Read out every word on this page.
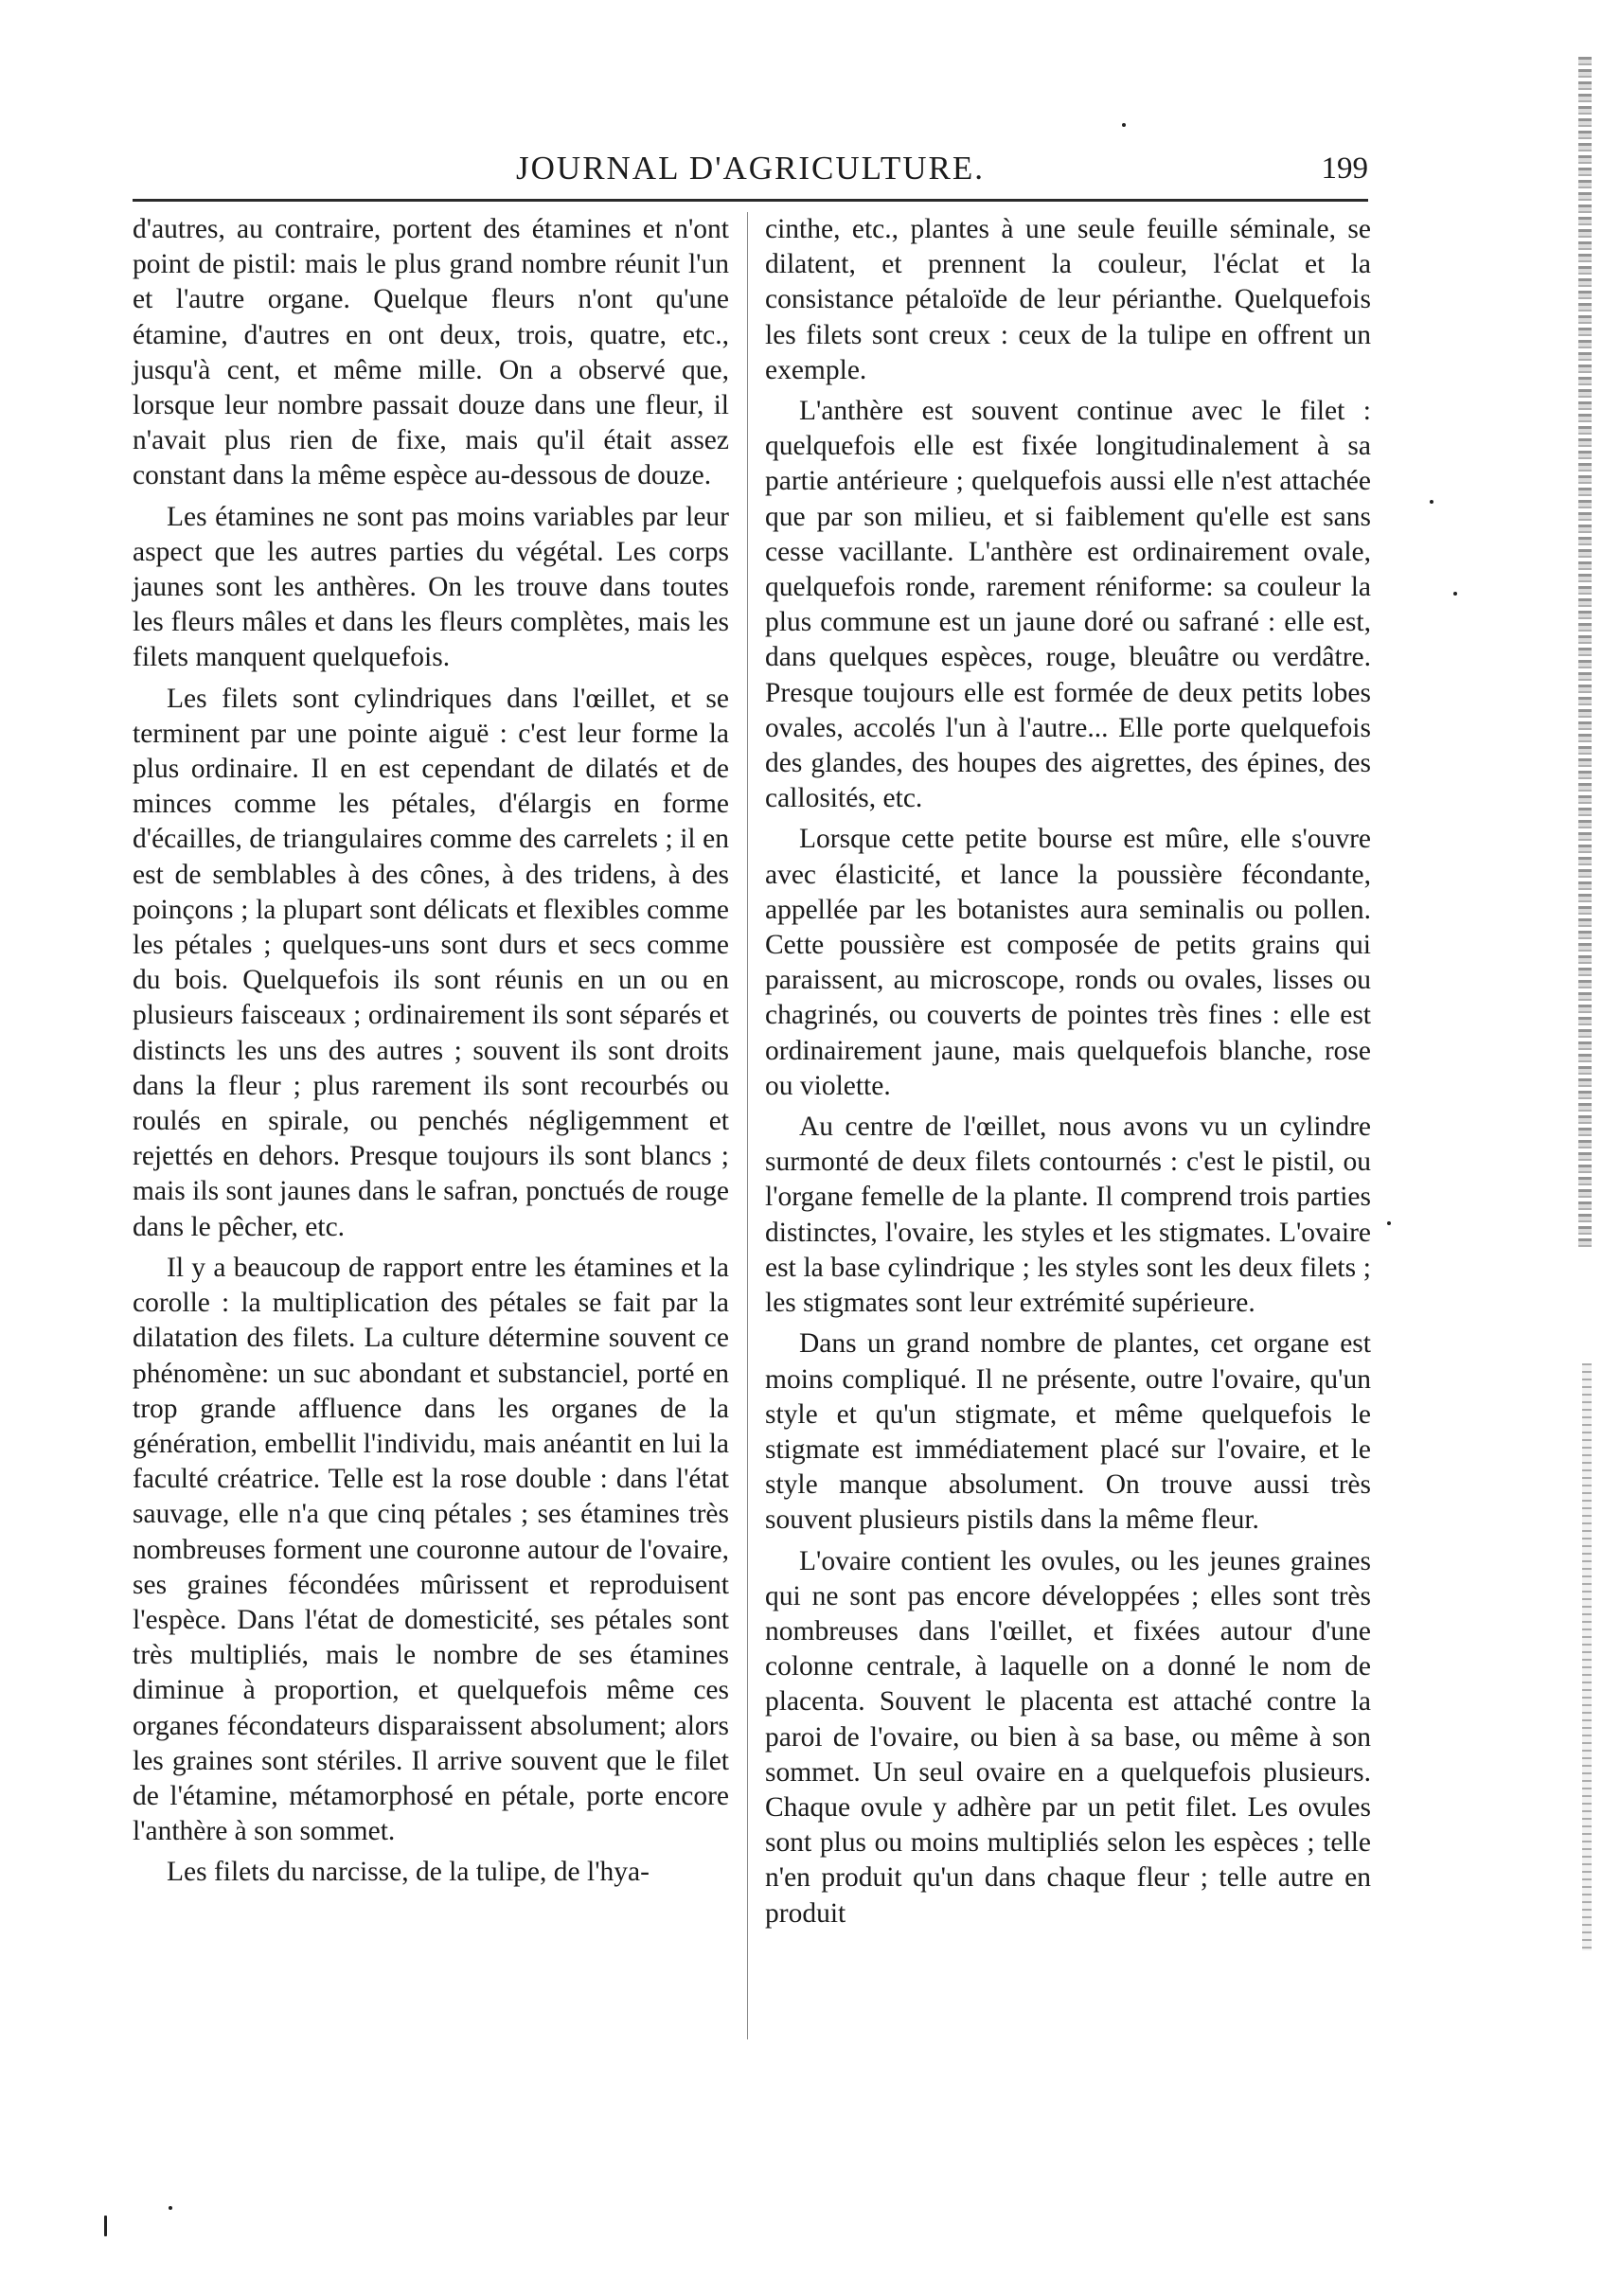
JOURNAL D'AGRICULTURE.	199

d'autres, au contraire, portent des étamines et n'ont point de pistil: mais le plus grand nombre réunit l'un et l'autre organe. Quelque fleurs n'ont qu'une étamine, d'autres en ont deux, trois, quatre, etc., jusqu'à cent, et même mille. On a observé que, lorsque leur nombre passait douze dans une fleur, il n'avait plus rien de fixe, mais qu'il était assez constant dans la même espèce au-dessous de douze.

Les étamines ne sont pas moins variables par leur aspect que les autres parties du végétal. Les corps jaunes sont les anthères. On les trouve dans toutes les fleurs mâles et dans les fleurs complètes, mais les filets manquent quelquefois.

Les filets sont cylindriques dans l'œillet, et se terminent par une pointe aiguë : c'est leur forme la plus ordinaire. Il en est cependant de dilatés et de minces comme les pétales, d'élargis en forme d'écailles, de triangulaires comme des carrelets ; il en est de semblables à des cônes, à des tridens, à des poinçons ; la plupart sont délicats et flexibles comme les pétales ; quelques-uns sont durs et secs comme du bois. Quelquefois ils sont réunis en un ou en plusieurs faisceaux ; ordinairement ils sont séparés et distincts les uns des autres ; souvent ils sont droits dans la fleur ; plus rarement ils sont recourbés ou roulés en spirale, ou penchés négligemment et rejettés en dehors. Presque toujours ils sont blancs ; mais ils sont jaunes dans le safran, ponctués de rouge dans le pêcher, etc.

Il y a beaucoup de rapport entre les étamines et la corolle : la multiplication des pétales se fait par la dilatation des filets. La culture détermine souvent ce phénomène: un suc abondant et substanciel, porté en trop grande affluence dans les organes de la génération, embellit l'individu, mais anéantit en lui la faculté créatrice. Telle est la rose double : dans l'état sauvage, elle n'a que cinq pétales ; ses étamines très nombreuses forment une couronne autour de l'ovaire, ses graines fécondées mûrissent et reproduisent l'espèce. Dans l'état de domesticité, ses pétales sont très multipliés, mais le nombre de ses étamines diminue à proportion, et quelquefois même ces organes fécondateurs disparaissent absolument; alors les graines sont stériles. Il arrive souvent que le filet de l'étamine, métamorphosé en pétale, porte encore l'anthère à son sommet.

Les filets du narcisse, de la tulipe, de l'hya-

cinthe, etc., plantes à une seule feuille séminale, se dilatent, et prennent la couleur, l'éclat et la consistance pétaloïde de leur périanthe. Quelquefois les filets sont creux : ceux de la tulipe en offrent un exemple.

L'anthère est souvent continue avec le filet : quelquefois elle est fixée longitudinalement à sa partie antérieure ; quelquefois aussi elle n'est attachée que par son milieu, et si faiblement qu'elle est sans cesse vacillante. L'anthère est ordinairement ovale, quelquefois ronde, rarement réniforme: sa couleur la plus commune est un jaune doré ou safrané : elle est, dans quelques espèces, rouge, bleuâtre ou verdâtre. Presque toujours elle est formée de deux petits lobes ovales, accolés l'un à l'autre... Elle porte quelquefois des glandes, des houpes des aigrettes, des épines, des callosités, etc.

Lorsque cette petite bourse est mûre, elle s'ouvre avec élasticité, et lance la poussière fécondante, appellée par les botanistes aura seminalis ou pollen. Cette poussière est composée de petits grains qui paraissent, au microscope, ronds ou ovales, lisses ou chagrinés, ou couverts de pointes très fines : elle est ordinairement jaune, mais quelquefois blanche, rose ou violette.

Au centre de l'œillet, nous avons vu un cylindre surmonté de deux filets contournés : c'est le pistil, ou l'organe femelle de la plante. Il comprend trois parties distinctes, l'ovaire, les styles et les stigmates. L'ovaire est la base cylindrique ; les styles sont les deux filets ; les stigmates sont leur extrémité supérieure.

Dans un grand nombre de plantes, cet organe est moins compliqué. Il ne présente, outre l'ovaire, qu'un style et qu'un stigmate, et même quelquefois le stigmate est immédiatement placé sur l'ovaire, et le style manque absolument. On trouve aussi très souvent plusieurs pistils dans la même fleur.

L'ovaire contient les ovules, ou les jeunes graines qui ne sont pas encore développées ; elles sont très nombreuses dans l'œillet, et fixées autour d'une colonne centrale, à laquelle on a donné le nom de placenta. Souvent le placenta est attaché contre la paroi de l'ovaire, ou bien à sa base, ou même à son sommet. Un seul ovaire en a quelquefois plusieurs. Chaque ovule y adhère par un petit filet. Les ovules sont plus ou moins multipliés selon les espèces ; telle n'en produit qu'un dans chaque fleur ; telle autre en produit
